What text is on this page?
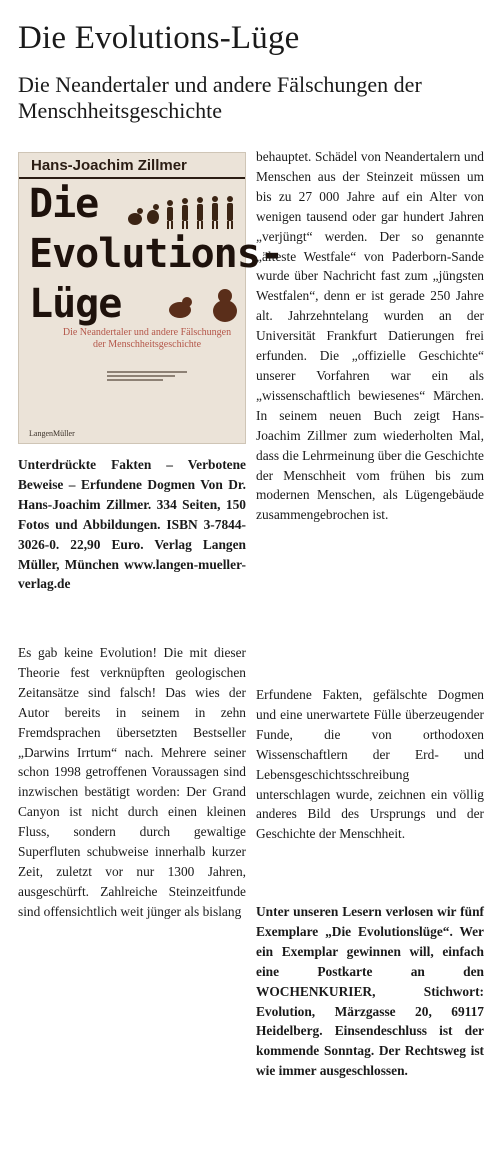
Die Evolutions-Lüge
Die Neandertaler und andere Fälschungen der Menschheitsgeschichte
Hans-Joachim Zillmer
Die
Evolutions-
Lüge
Die Neandertaler und andere Fälschungen der Menschheitsgeschichte
LangenMüller

Unterdrückte Fakten – Verbotene Beweise – Erfundene Dogmen Von Dr. Hans-Joachim Zillmer. 334 Seiten, 150 Fotos und Abbildungen. ISBN 3-7844-3026-0. 22,90 Euro. Verlag Langen Müller, München www.langen-mueller-verlag.de

Es gab keine Evolution! Die mit dieser Theorie fest verknüpften geologischen Zeitansätze sind falsch! Das wies der Autor bereits in seinem in zehn Fremdsprachen übersetzten Bestseller „Darwins Irrtum“ nach. Mehrere seiner schon 1998 getroffenen Voraussagen sind inzwischen bestätigt worden: Der Grand Canyon ist nicht durch einen kleinen Fluss, sondern durch gewaltige Superfluten schubweise innerhalb kurzer Zeit, zuletzt vor nur 1300 Jahren, ausgeschürft. Zahlreiche Steinzeitfunde sind offensichtlich weit jünger als bislang

behauptet. Schädel von Neandertalern und Menschen aus der Steinzeit müssen um bis zu 27 000 Jahre auf ein Alter von wenigen tausend oder gar hundert Jahren „verjüngt“ werden. Der so genannte „älteste Westfale“ von Paderborn-Sande wurde über Nachricht fast zum „jüngsten Westfalen“, denn er ist gerade 250 Jahre alt. Jahrzehntelang wurden an der Universität Frankfurt Datierungen frei erfunden. Die „offizielle Geschichte“ unserer Vorfahren war ein als „wissenschaftlich bewiesenes“ Märchen. In seinem neuen Buch zeigt Hans-Joachim Zillmer zum wiederholten Mal, dass die Lehrmeinung über die Geschichte der Menschheit vom frühen bis zum modernen Menschen, als Lügengebäude zusammengebrochen ist.

Erfundene Fakten, gefälschte Dogmen und eine unerwartete Fülle überzeugender Funde, die von orthodoxen Wissenschaftlern der Erd- und Lebensgeschichtsschreibung unterschlagen wurde, zeichnen ein völlig anderes Bild des Ursprungs und der Geschichte der Menschheit.

Unter unseren Lesern verlosen wir fünf Exemplare „Die Evolutionslüge“. Wer ein Exemplar gewinnen will, einfach eine Postkarte an den WOCHENKURIER, Stichwort: Evolution, Märzgasse 20, 69117 Heidelberg. Einsendeschluss ist der kommende Sonntag. Der Rechtsweg ist wie immer ausgeschlossen.
